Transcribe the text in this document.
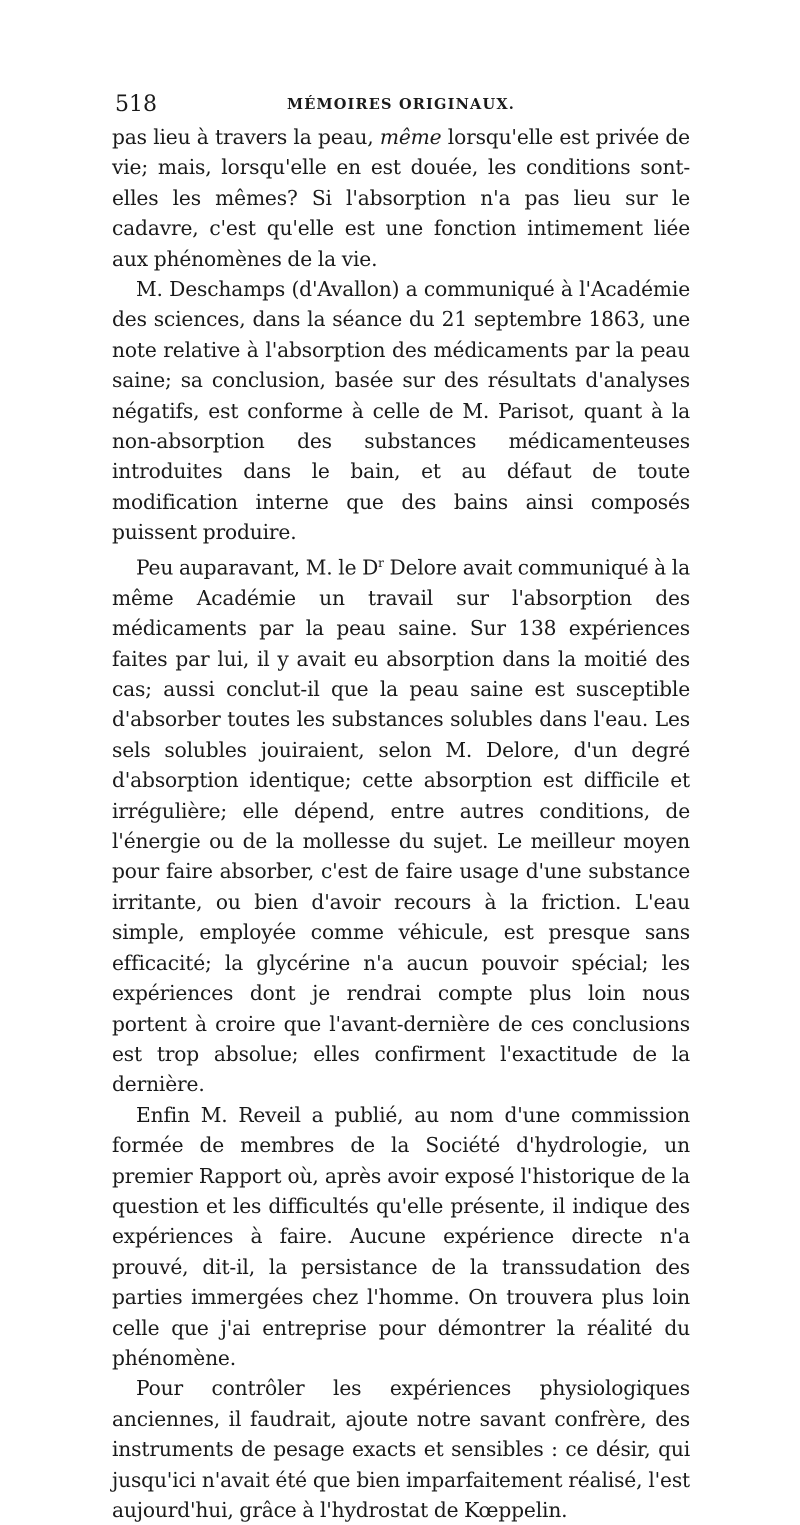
518	MÉMOIRES ORIGINAUX.

pas lieu à travers la peau, même lorsqu'elle est privée de vie; mais, lorsqu'elle en est douée, les conditions sont-elles les mêmes? Si l'absorption n'a pas lieu sur le cadavre, c'est qu'elle est une fonction intimement liée aux phénomènes de la vie.

M. Deschamps (d'Avallon) a communiqué à l'Académie des sciences, dans la séance du 21 septembre 1863, une note relative à l'absorption des médicaments par la peau saine; sa conclusion, basée sur des résultats d'analyses négatifs, est conforme à celle de M. Parisot, quant à la non-absorption des substances médicamenteuses introduites dans le bain, et au défaut de toute modification interne que des bains ainsi composés puissent produire.

Peu auparavant, M. le $D^r$ Delore avait communiqué à la même Académie un travail sur l'absorption des médicaments par la peau saine. Sur 138 expériences faites par lui, il y avait eu absorption dans la moitié des cas; aussi conclut-il que la peau saine est susceptible d'absorber toutes les substances solubles dans l'eau. Les sels solubles jouiraient, selon M. Delore, d'un degré d'absorption identique; cette absorption est difficile et irrégulière; elle dépend, entre autres conditions, de l'énergie ou de la mollesse du sujet. Le meilleur moyen pour faire absorber, c'est de faire usage d'une substance irritante, ou bien d'avoir recours à la friction. L'eau simple, employée comme véhicule, est presque sans efficacité; la glycérine n'a aucun pouvoir spécial; les expériences dont je rendrai compte plus loin nous portent à croire que l'avant-dernière de ces conclusions est trop absolue; elles confirment l'exactitude de la dernière.

Enfin M. Reveil a publié, au nom d'une commission formée de membres de la Société d'hydrologie, un premier Rapport où, après avoir exposé l'historique de la question et les difficultés qu'elle présente, il indique des expériences à faire. Aucune expérience directe n'a prouvé, dit-il, la persistance de la transsudation des parties immergées chez l'homme. On trouvera plus loin celle que j'ai entreprise pour démontrer la réalité du phénomène.

Pour contrôler les expériences physiologiques anciennes, il faudrait, ajoute notre savant confrère, des instruments de pesage exacts et sensibles : ce désir, qui jusqu'ici n'avait été que bien imparfaitement réalisé, l'est aujourd'hui, grâce à l'hydrostat de Kœppelin.
